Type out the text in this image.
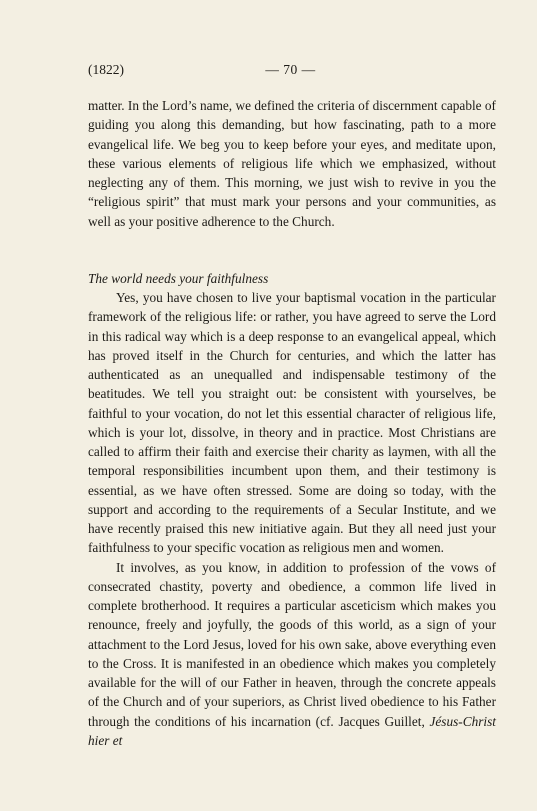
(1822)	— 70 —

matter. In the Lord’s name, we defined the criteria of discernment capable of guiding you along this demanding, but how fascinating, path to a more evangelical life. We beg you to keep before your eyes, and meditate upon, these various elements of religious life which we emphasized, without neglecting any of them. This morning, we just wish to revive in you the “religious spirit” that must mark your persons and your communities, as well as your positive adherence to the Church.

The world needs your faithfulness

Yes, you have chosen to live your baptismal vocation in the particular framework of the religious life: or rather, you have agreed to serve the Lord in this radical way which is a deep response to an evangelical appeal, which has proved itself in the Church for centuries, and which the latter has authenticated as an unequalled and indispensable testimony of the beatitudes. We tell you straight out: be consistent with yourselves, be faithful to your vocation, do not let this essential character of religious life, which is your lot, dissolve, in theory and in practice. Most Christians are called to affirm their faith and exercise their charity as laymen, with all the temporal responsibilities incumbent upon them, and their testimony is essential, as we have often stressed. Some are doing so today, with the support and according to the requirements of a Secular Institute, and we have recently praised this new initiative again. But they all need just your faithfulness to your specific vocation as religious men and women.

It involves, as you know, in addition to profession of the vows of consecrated chastity, poverty and obedience, a common life lived in complete brotherhood. It requires a particular asceticism which makes you renounce, freely and joyfully, the goods of this world, as a sign of your attachment to the Lord Jesus, loved for his own sake, above everything even to the Cross. It is manifested in an obedience which makes you completely available for the will of our Father in heaven, through the concrete appeals of the Church and of your superiors, as Christ lived obedience to his Father through the conditions of his incarnation (cf. Jacques Guillet, Jésus-Christ hier et
